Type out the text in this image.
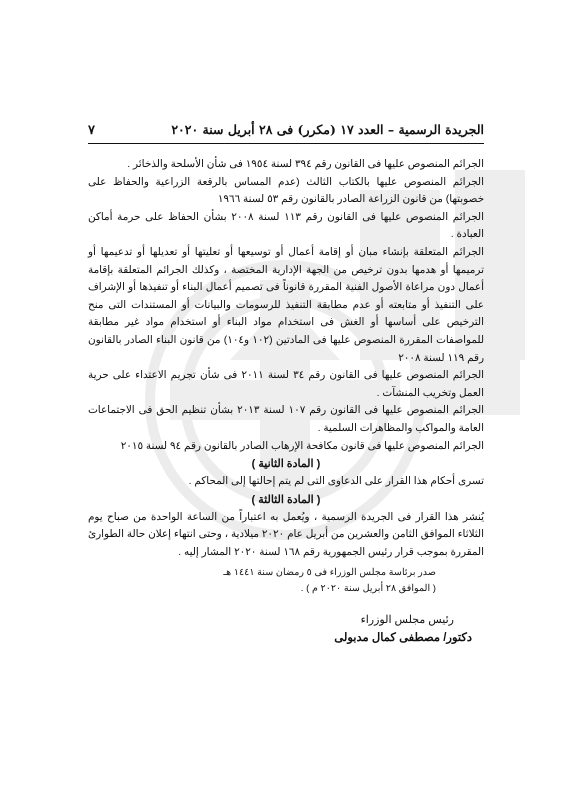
الجريدة الرسمية – العدد ١٧ (مكرر) فى ٢٨ أبريل سنة ٢٠٢٠
٧

الجرائم المنصوص عليها فى القانون رقم ٣٩٤ لسنة ١٩٥٤ فى شأن الأسلحة والذخائر .

الجرائم المنصوص عليها بالكتاب الثالث (عدم المساس بالرقعة الزراعية والحفاظ على خصوبتها) من قانون الزراعة الصادر بالقانون رقم ٥٣ لسنة ١٩٦٦

الجرائم المنصوص عليها فى القانون رقم ١١٣ لسنة ٢٠٠٨ بشأن الحفاظ على حرمة أماكن العبادة .

الجرائم المتعلقة بإنشاء مبان أو إقامة أعمال أو توسيعها أو تعليتها أو تعديلها أو تدعيمها أو ترميمها أو هدمها بدون ترخيص من الجهة الإدارية المختصة ، وكذلك الجرائم المتعلقة بإقامة أعمال دون مراعاة الأصول الفنية المقررة قانوناً فى تصميم أعمال البناء أو تنفيذها أو الإشراف على التنفيذ أو متابعته أو عدم مطابقة التنفيذ للرسومات والبيانات أو المستندات التى منح الترخيص على أساسها أو الغش فى استخدام مواد البناء أو استخدام مواد غير مطابقة للمواصفات المقررة المنصوص عليها فى المادتين (١٠٢ و١٠٤) من قانون البناء الصادر بالقانون رقم ١١٩ لسنة ٢٠٠٨

الجرائم المنصوص عليها فى القانون رقم ٣٤ لسنة ٢٠١١ فى شأن تجريم الاعتداء على حرية العمل وتخريب المنشآت .

الجرائم المنصوص عليها فى القانون رقم ١٠٧ لسنة ٢٠١٣ بشأن تنظيم الحق فى الاجتماعات العامة والمواكب والمظاهرات السلمية .

الجرائم المنصوص عليها فى قانون مكافحة الإرهاب الصادر بالقانون رقم ٩٤ لسنة ٢٠١٥

( المادة الثانية )

تسرى أحكام هذا القرار على الدعاوى التى لم يتم إحالتها إلى المحاكم .

( المادة الثالثة )

يُنشر هذا القرار فى الجريدة الرسمية ، ويُعمل به اعتباراً من الساعة الواحدة من صباح يوم الثلاثاء الموافق الثامن والعشرين من أبريل عام ٢٠٢٠ ميلادية ، وحتى انتهاء إعلان حالة الطوارئ المقررة بموجب قرار رئيس الجمهورية رقم ١٦٨ لسنة ٢٠٢٠ المشار إليه .

صدر برئاسة مجلس الوزراء فى ٥ رمضان سنة ١٤٤١ هـ

( الموافق ٢٨ أبريل سنة ٢٠٢٠ م ) .

رئيس مجلس الوزراء
دكتور/ مصطفى كمال مدبولى
